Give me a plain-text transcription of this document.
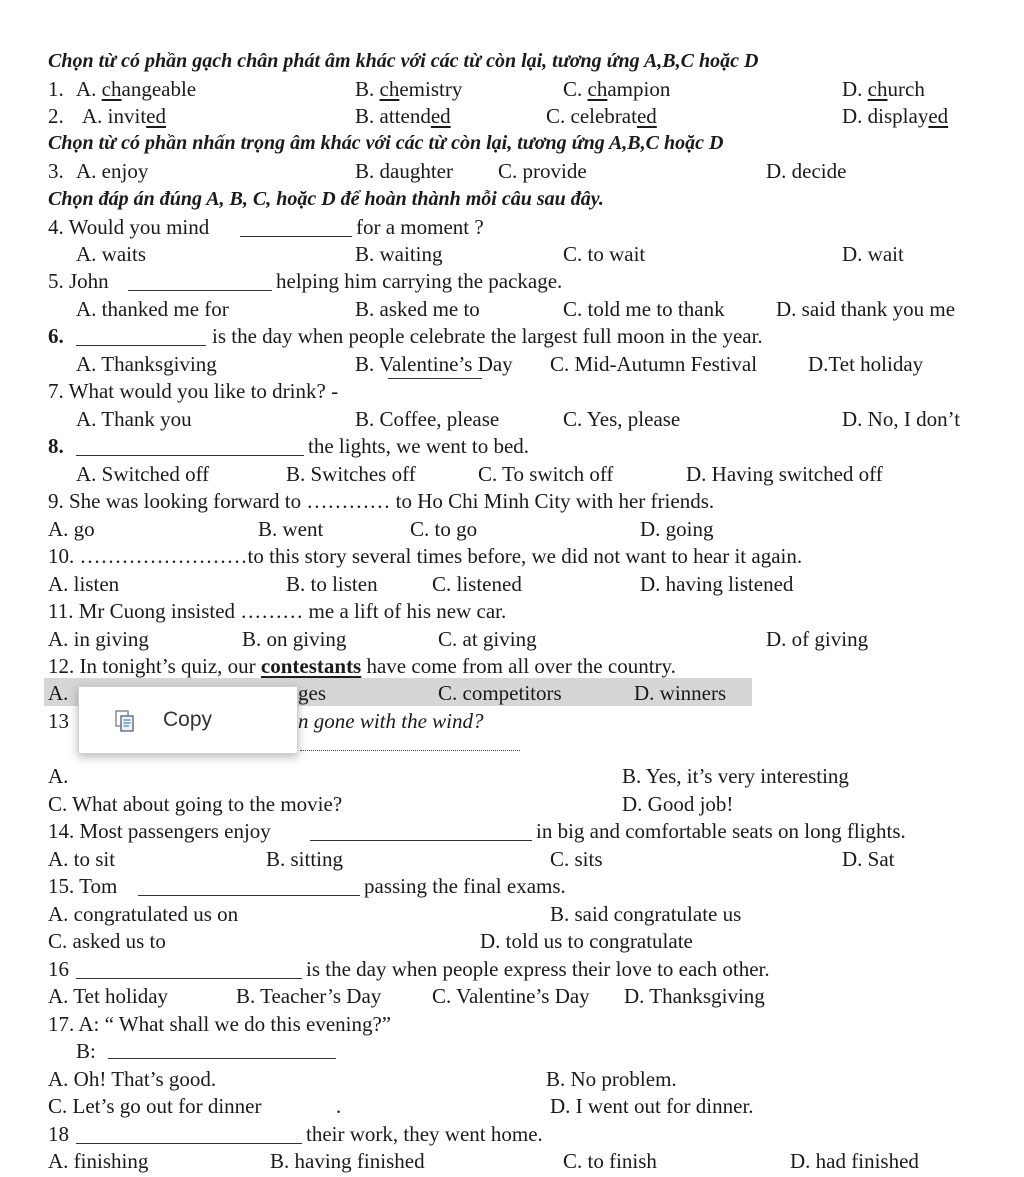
Chọn từ có phần gạch chân phát âm khác với các từ còn lại, tương ứng A,B,C hoặc D
1. A. changeable	B. chemistry	C. champion	D. church
2. A. invited	B. attended	C. celebrated	D. displayed
Chọn từ có phần nhấn trọng âm khác với các từ còn lại, tương ứng A,B,C hoặc D
3. A. enjoy	B. daughter C. provide	D. decide
Chọn đáp án đúng A, B, C, hoặc D để hoàn thành mỗi câu sau đây.
4. Would you mind	for a moment ?
A. waits	B. waiting	C. to wait	D. wait
5. John	helping him carrying the package.
A. thanked me for	B. asked me to	C. told me to thank D. said thank you me
6.	is the day when people celebrate the largest full moon in the year.
A. Thanksgiving	B. Valentine’s Day C. Mid-Autumn Festival D.Tet holiday
7. What would you like to drink? -
A. Thank you	B. Coffee, please	C. Yes, please	D. No, I don’t
8.	the lights, we went to bed.
A. Switched off	B. Switches off	C. To switch off	D. Having switched off
9. She was looking forward to ………… to Ho Chi Minh City with her friends.
A. go	B. went	C. to go	D. going
10. ……………………to this story several times before, we did not want to hear it again.
A. listen	B. to listen	C. listened	D. having listened
11. Mr Cuong insisted ……… me a lift of his new car.
A. in giving	B. on giving	C. at giving	D. of giving
12. In tonight’s quiz, our contestants have come from all over the country.
A.	ges	C. competitors	D. winners
13	n gone with the wind?
A.	B. Yes, it’s very interesting
C. What about going to the movie?	D. Good job!
Copy
14. Most passengers enjoy	in big and comfortable seats on long flights.
A. to sit	B. sitting	C. sits	D. Sat
15. Tom	passing the final exams.
A. congratulated us on	B. said congratulate us
C. asked us to	D. told us to congratulate
16	is the day when people express their love to each other.
A. Tet holiday	B. Teacher’s Day C. Valentine’s Day D. Thanksgiving
17. A: “ What shall we do this evening?”
B:
A. Oh! That’s good.	B. No problem.
C. Let’s go out for dinner	.	D. I went out for dinner.
18	their work, they went home.
A. finishing	B. having finished	C. to finish	D. had finished
